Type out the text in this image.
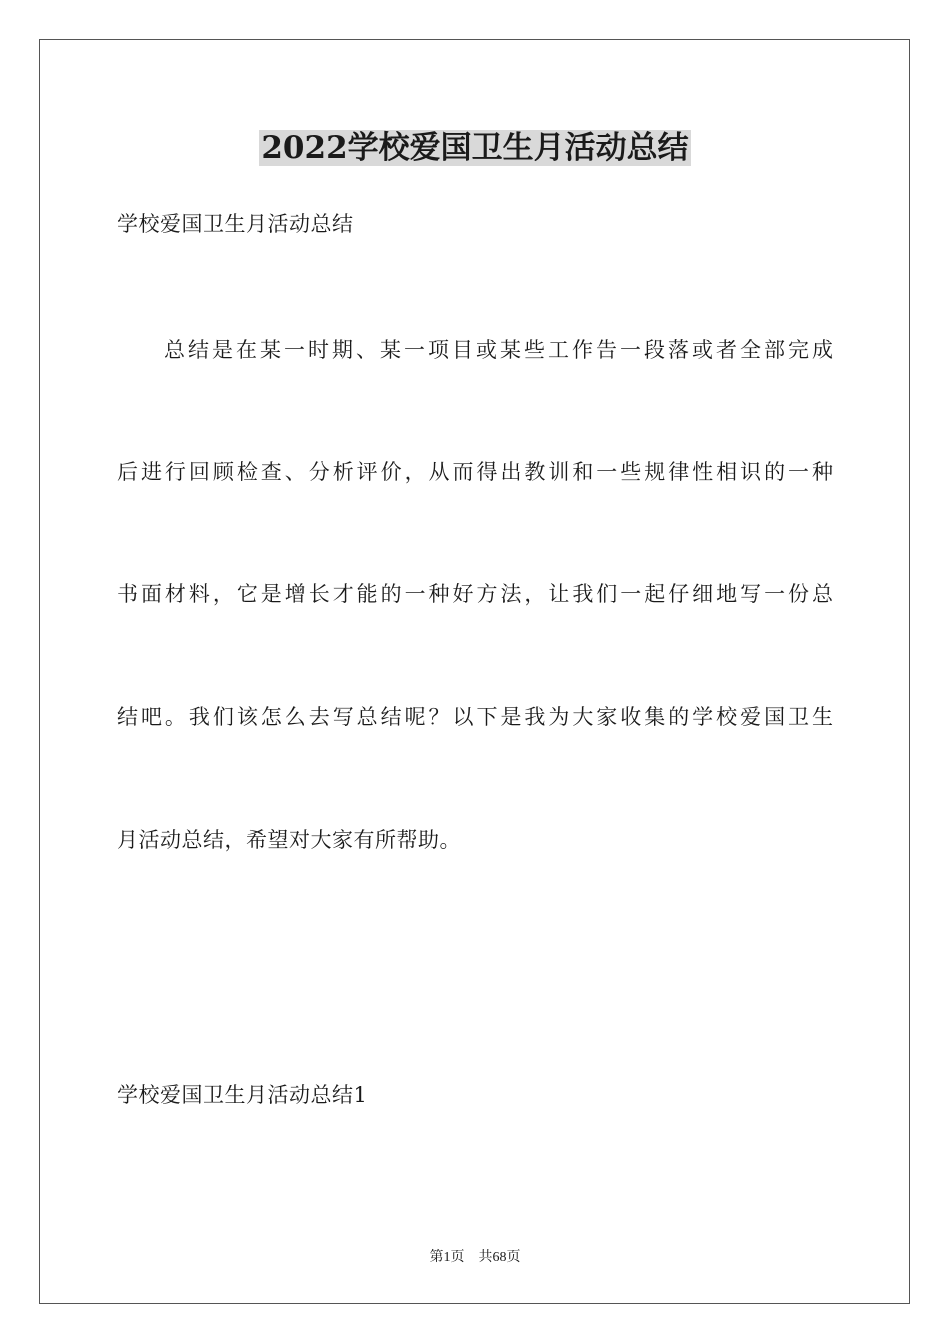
2022学校爱国卫生月活动总结
学校爱国卫生月活动总结
总结是在某一时期、某一项目或某些工作告一段落或者全部完成
后进行回顾检查、分析评价，从而得出教训和一些规律性相识的一种
书面材料，它是增长才能的一种好方法，让我们一起仔细地写一份总
结吧。我们该怎么去写总结呢？以下是我为大家收集的学校爱国卫生
月活动总结，希望对大家有所帮助。
学校爱国卫生月活动总结1
第1页 共68页
